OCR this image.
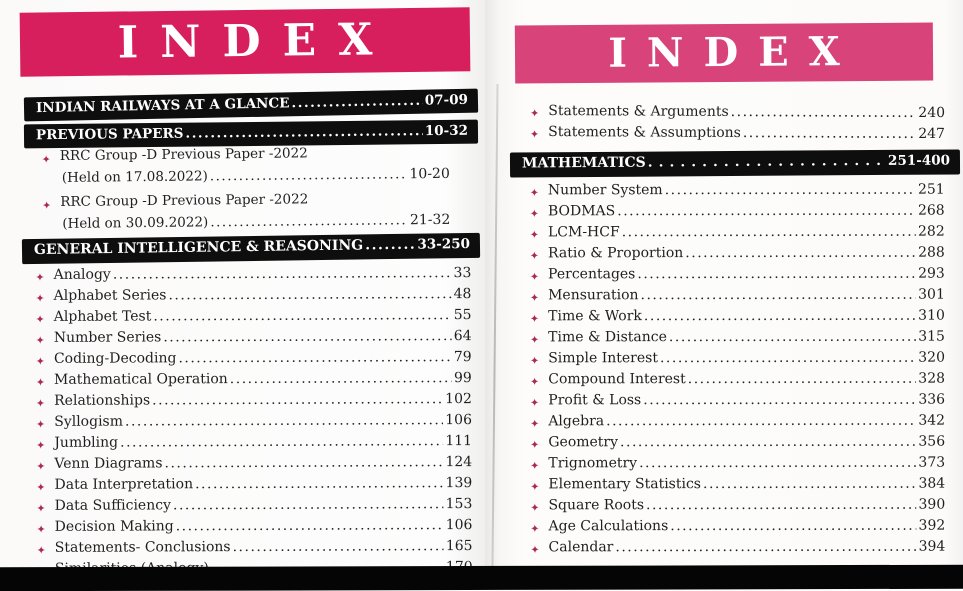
INDEX
INDIAN RAILWAYS AT A GLANCE .....	07-09
PREVIOUS PAPERS .....	10-32
✦ RRC Group -D Previous Paper -2022
(Held on 17.08.2022) .....	10-20
✦ RRC Group -D Previous Paper -2022
(Held on 30.09.2022) .....	21-32
GENERAL INTELLIGENCE & REASONING .....	33-250
✦ Analogy .....	33
✦ Alphabet Series .....	48
✦ Alphabet Test .....	55
✦ Number Series .....	64
✦ Coding-Decoding .....	79
✦ Mathematical Operation .....	99
✦ Relationships .....	102
✦ Syllogism .....	106
✦ Jumbling .....	111
✦ Venn Diagrams .....	124
✦ Data Interpretation .....	139
✦ Data Sufficiency .....	153
✦ Decision Making .....	106
✦ Statements- Conclusions .....	165
.....
INDEX
✦ Statements & Arguments .....	240
✦ Statements & Assumptions .....	247
MATHEMATICS .....	251-400
✦ Number System .....	251
✦ BODMAS .....	268
✦ LCM-HCF .....	282
✦ Ratio & Proportion .....	288
✦ Percentages .....	293
✦ Mensuration .....	301
✦ Time & Work .....	310
✦ Time & Distance .....	315
✦ Simple Interest .....	320
✦ Compound Interest .....	328
✦ Profit & Loss .....	336
✦ Algebra .....	342
✦ Geometry .....	356
✦ Trignometry .....	373
✦ Elementary Statistics .....	384
✦ Square Roots .....	390
✦ Age Calculations .....	392
✦ Calendar .....	394
